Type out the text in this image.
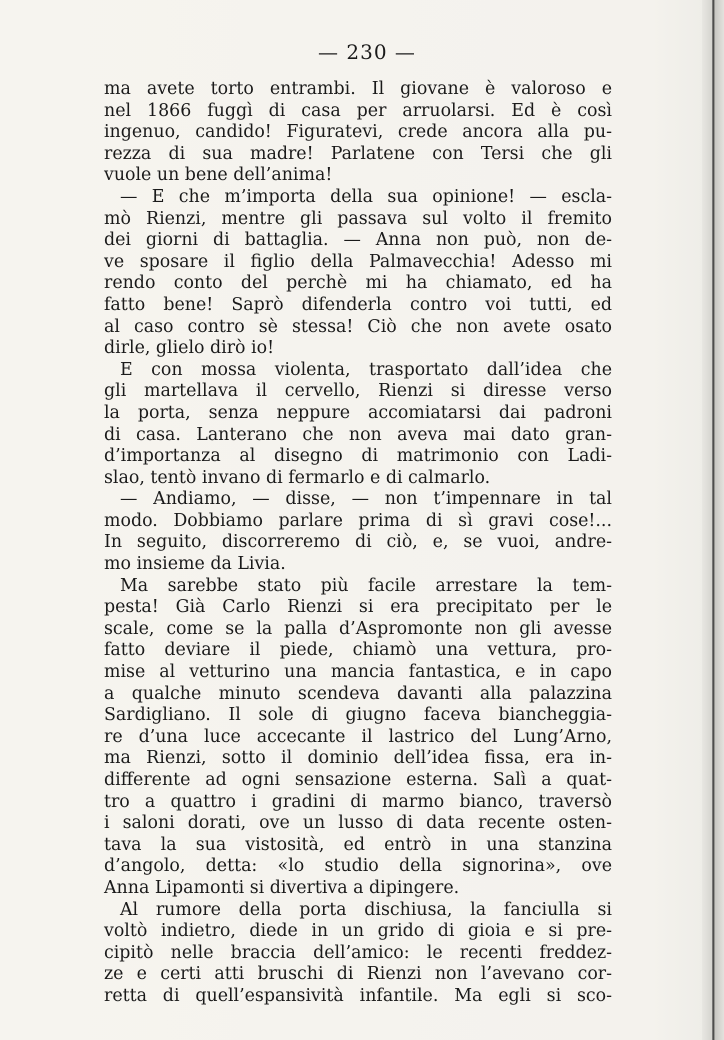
— 230 —
ma avete torto entrambi. Il giovane è valoroso e
nel 1866 fuggì di casa per arruolarsi. Ed è così
ingenuo, candido! Figuratevi, crede ancora alla pu-
rezza di sua madre! Parlatene con Tersi che gli
vuole un bene dell’anima!
— E che m’importa della sua opinione! — escla-
mò Rienzi, mentre gli passava sul volto il fremito
dei giorni di battaglia. — Anna non può, non de-
ve sposare il figlio della Palmavecchia! Adesso mi
rendo conto del perchè mi ha chiamato, ed ha
fatto bene! Saprò difenderla contro voi tutti, ed
al caso contro sè stessa! Ciò che non avete osato
dirle, glielo dirò io!
E con mossa violenta, trasportato dall’idea che
gli martellava il cervello, Rienzi si diresse verso
la porta, senza neppure accomiatarsi dai padroni
di casa. Lanterano che non aveva mai dato gran-
d’importanza al disegno di matrimonio con Ladi-
slao, tentò invano di fermarlo e di calmarlo.
— Andiamo, — disse, — non t’impennare in tal
modo. Dobbiamo parlare prima di sì gravi cose!...
In seguito, discorreremo di ciò, e, se vuoi, andre-
mo insieme da Livia.
Ma sarebbe stato più facile arrestare la tem-
pesta! Già Carlo Rienzi si era precipitato per le
scale, come se la palla d’Aspromonte non gli avesse
fatto deviare il piede, chiamò una vettura, pro-
mise al vetturino una mancia fantastica, e in capo
a qualche minuto scendeva davanti alla palazzina
Sardigliano. Il sole di giugno faceva biancheggia-
re d’una luce accecante il lastrico del Lung’Arno,
ma Rienzi, sotto il dominio dell’idea fissa, era in-
differente ad ogni sensazione esterna. Salì a quat-
tro a quattro i gradini di marmo bianco, traversò
i saloni dorati, ove un lusso di data recente osten-
tava la sua vistosità, ed entrò in una stanzina
d’angolo, detta: «lo studio della signorina», ove
Anna Lipamonti si divertiva a dipingere.
Al rumore della porta dischiusa, la fanciulla si
voltò indietro, diede in un grido di gioia e si pre-
cipitò nelle braccia dell’amico: le recenti freddez-
ze e certi atti bruschi di Rienzi non l’avevano cor-
retta di quell’espansività infantile. Ma egli si sco-
